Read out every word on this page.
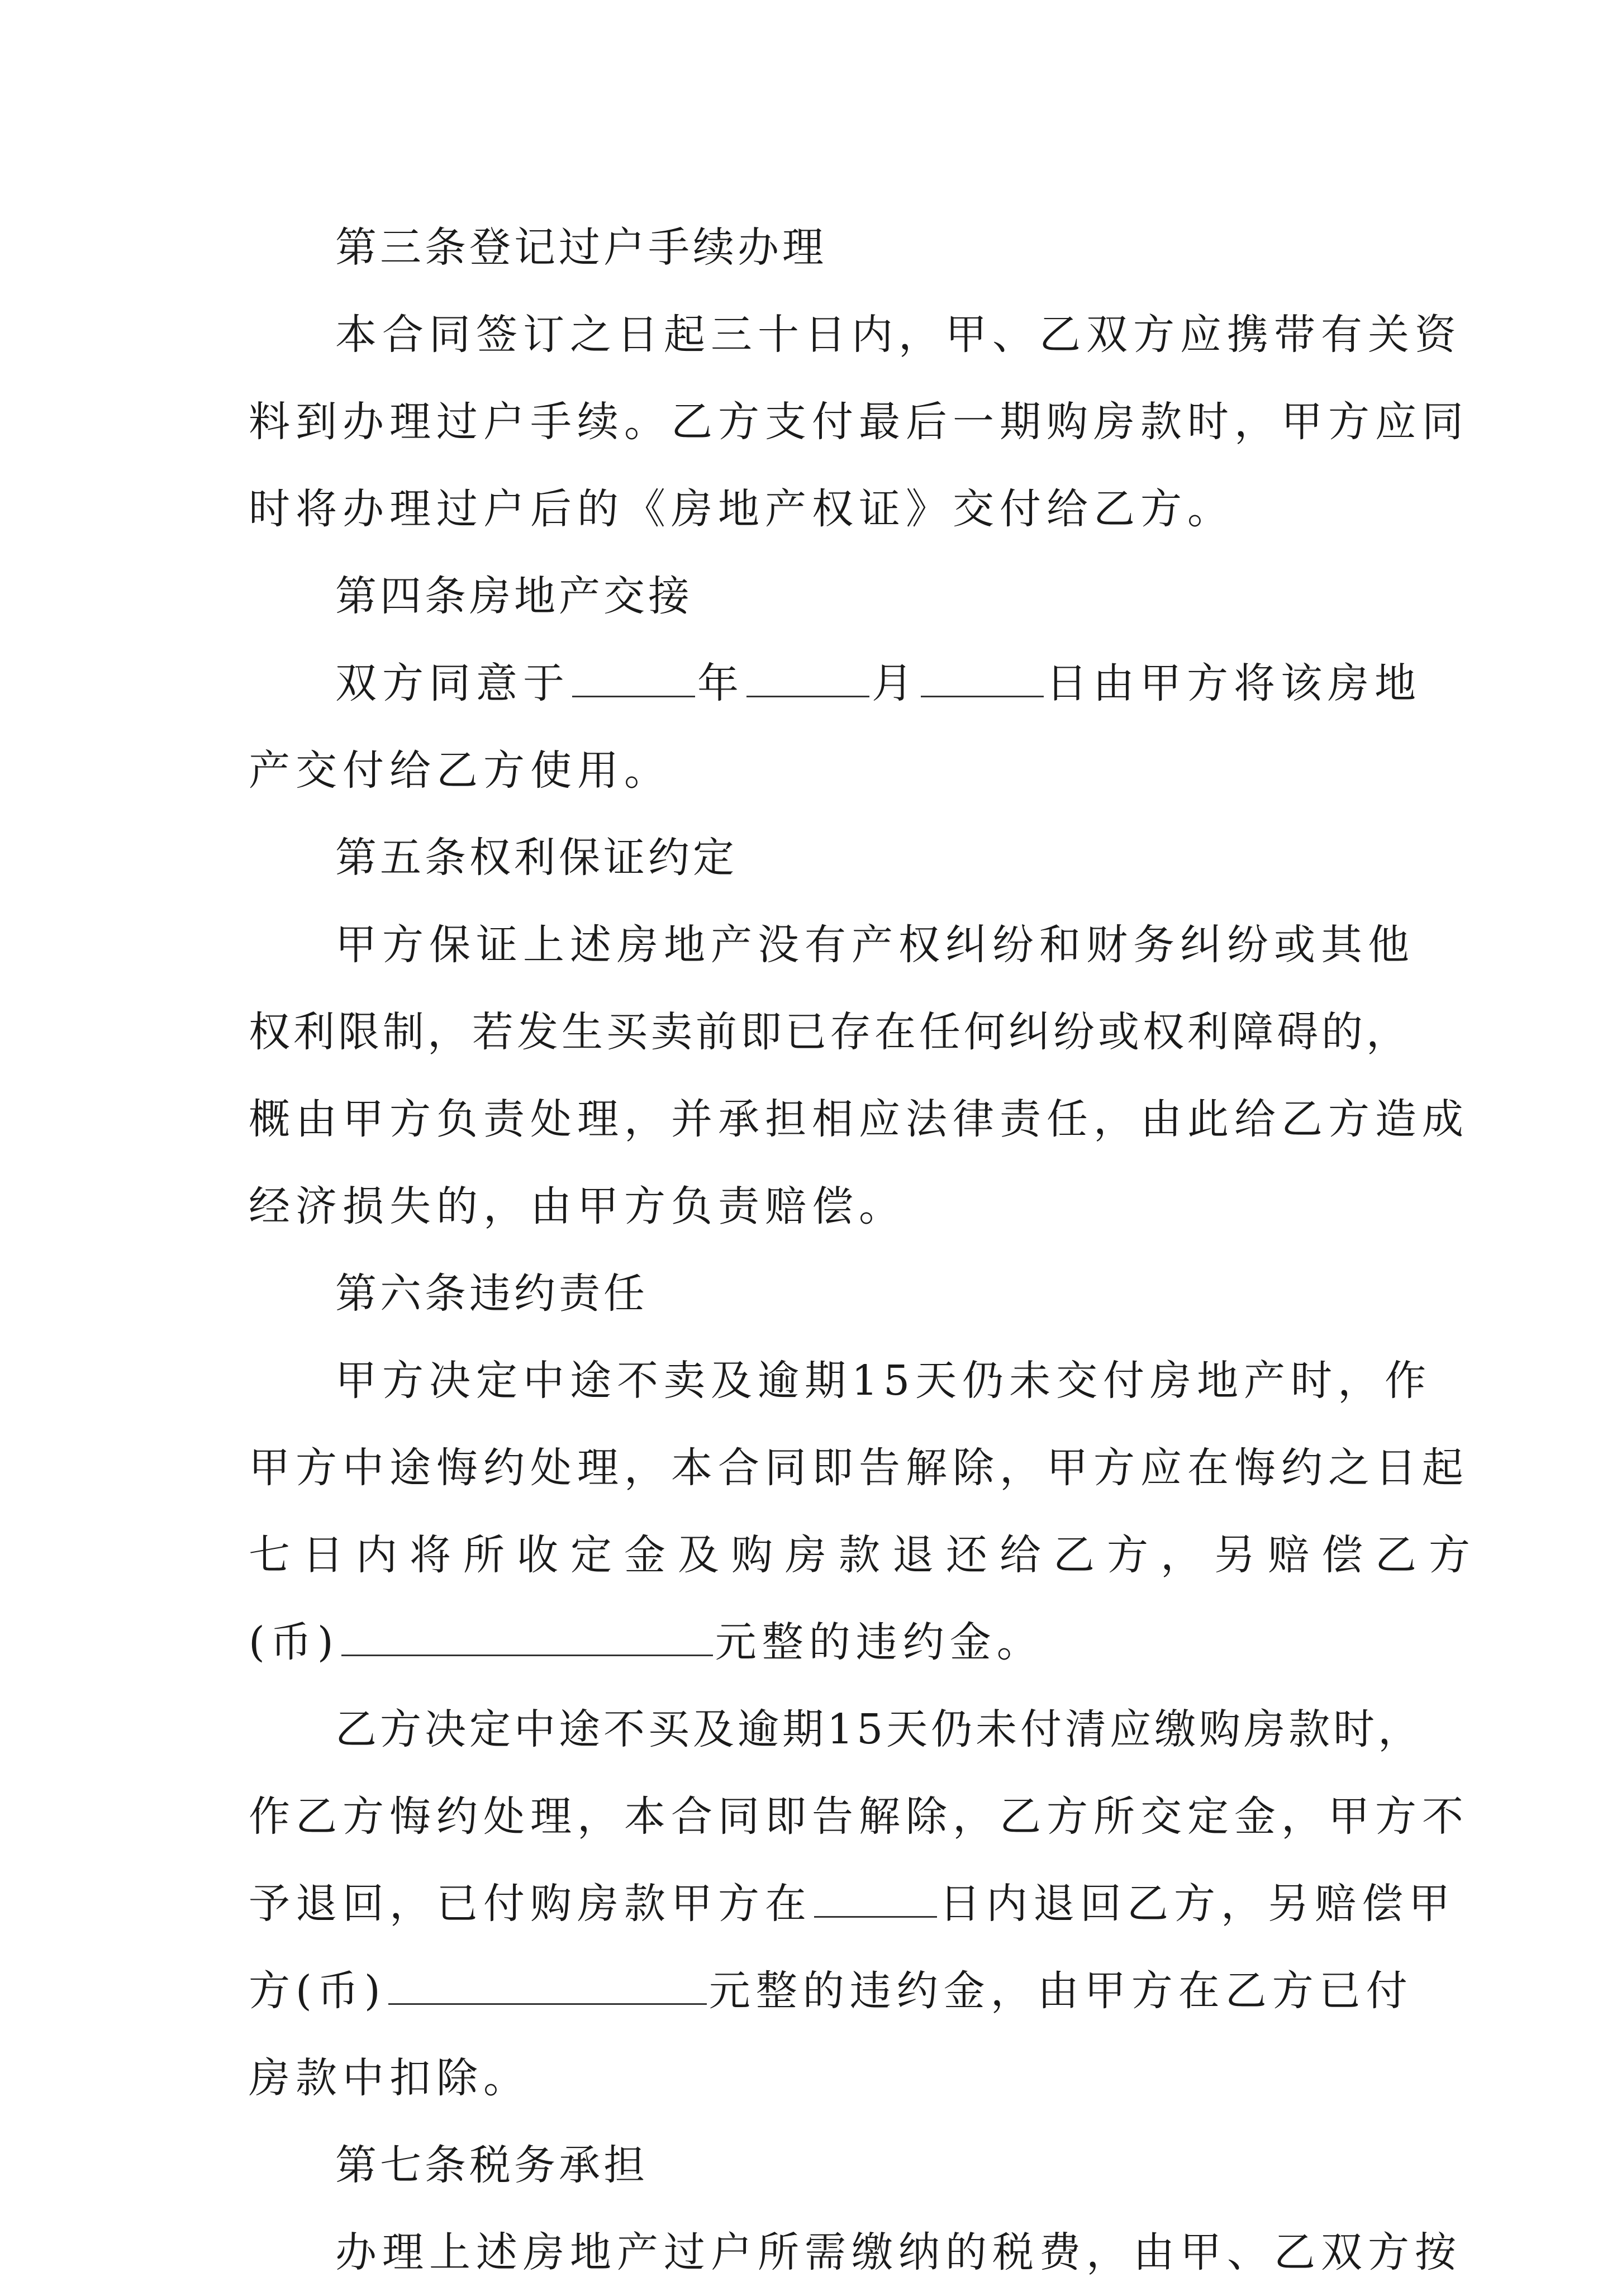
第三条登记过户手续办理
本合同签订之日起三十日内，甲、乙双方应携带有关资
料到办理过户手续。乙方支付最后一期购房款时，甲方应同
时将办理过户后的《房地产权证》交付给乙方。
第四条房地产交接
双方同意于	年	月	日由甲方将该房地
产交付给乙方使用。
第五条权利保证约定
甲方保证上述房地产没有产权纠纷和财务纠纷或其他
权利限制，若发生买卖前即已存在任何纠纷或权利障碍的，
概由甲方负责处理，并承担相应法律责任，由此给乙方造成
经济损失的，由甲方负责赔偿。
第六条违约责任
甲方决定中途不卖及逾期15天仍未交付房地产时，作
甲方中途悔约处理，本合同即告解除，甲方应在悔约之日起
七日内将所收定金及购房款退还给乙方，另赔偿乙方
(币)	元整的违约金。
乙方决定中途不买及逾期15天仍未付清应缴购房款时，
作乙方悔约处理，本合同即告解除，乙方所交定金，甲方不
予退回，已付购房款甲方在	日内退回乙方，另赔偿甲
方(币)	元整的违约金，由甲方在乙方已付
房款中扣除。
第七条税务承担
办理上述房地产过户所需缴纳的税费，由甲、乙双方按
